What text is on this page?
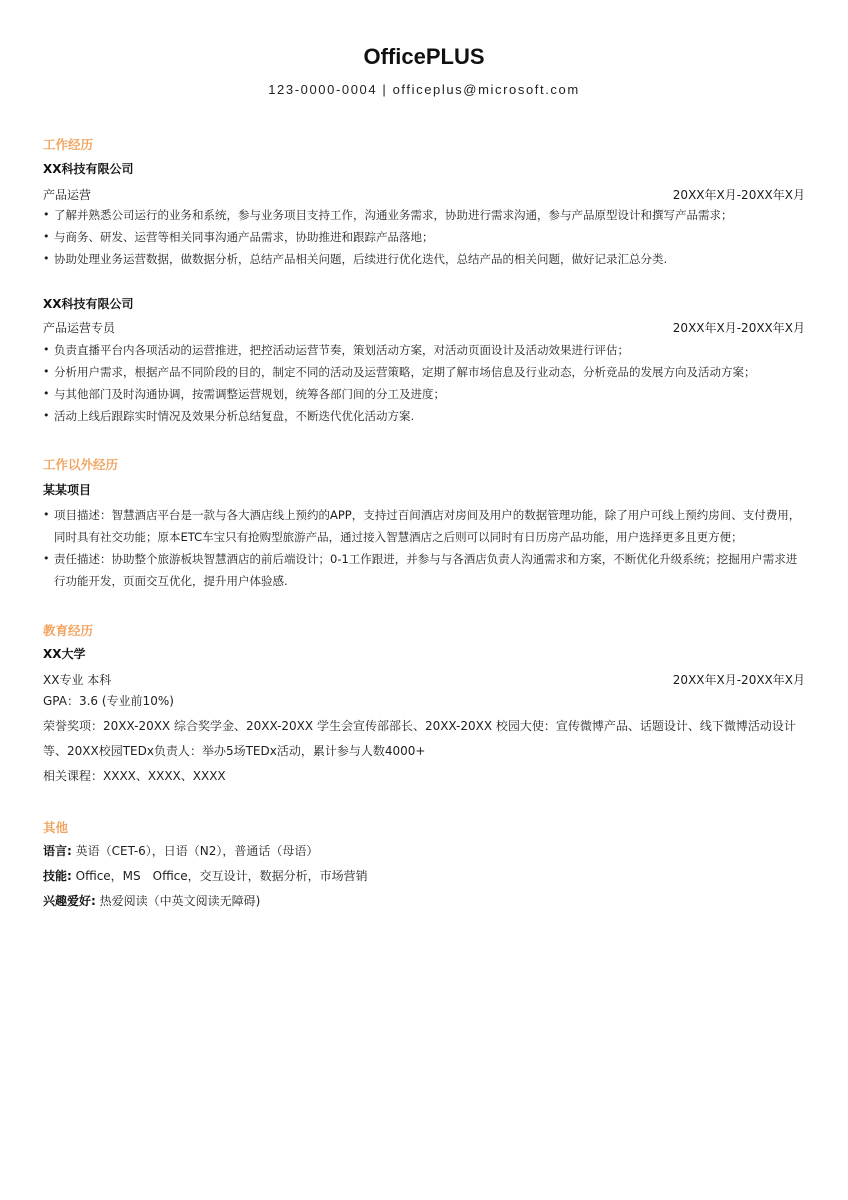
OfficePLUS
123-0000-0004 | officeplus@microsoft.com
工作经历
XX科技有限公司
产品运营	20XX年X月-20XX年X月
• 了解并熟悉公司运行的业务和系统，参与业务项目支持工作，沟通业务需求，协助进行需求沟通，参与产品原型设计和撰写产品需求；
• 与商务、研发、运营等相关同事沟通产品需求，协助推进和跟踪产品落地；
• 协助处理业务运营数据，做数据分析，总结产品相关问题，后续进行优化迭代，总结产品的相关问题，做好记录汇总分类.
XX科技有限公司
产品运营专员	20XX年X月-20XX年X月
• 负责直播平台内各项活动的运营推进，把控活动运营节奏，策划活动方案，对活动页面设计及活动效果进行评估；
• 分析用户需求，根据产品不同阶段的目的，制定不同的活动及运营策略，定期了解市场信息及行业动态，分析竞品的发展方向及活动方案；
• 与其他部门及时沟通协调，按需调整运营规划，统筹各部门间的分工及进度；
• 活动上线后跟踪实时情况及效果分析总结复盘，不断迭代优化活动方案.
工作以外经历
某某项目
• 项目描述：智慧酒店平台是一款与各大酒店线上预约的APP，支持过百间酒店对房间及用户的数据管理功能，除了用户可线上预约房间、支付费用，同时具有社交功能；原本ETC车宝只有抢购型旅游产品，通过接入智慧酒店之后则可以同时有日历房产品功能，用户选择更多且更方便；
• 责任描述：协助整个旅游板块智慧酒店的前后端设计；0-1工作跟进，并参与与各酒店负责人沟通需求和方案，不断优化升级系统；挖掘用户需求进行功能开发，页面交互优化，提升用户体验感.
教育经历
XX大学
XX专业 本科	20XX年X月-20XX年X月

GPA：3.6 (专业前10%)

荣誉奖项：20XX-20XX 综合奖学金、20XX-20XX 学生会宣传部部长、20XX-20XX 校园大使：宣传微博产品、话题设计、线下微博活动设计等、20XX校园TEDx负责人：举办5场TEDx活动，累计参与人数4000+

相关课程：XXXX、XXXX、XXXX

其他

语言: 英语（CET-6），日语（N2），普通话（母语）

技能: Office，MS　Office，交互设计，数据分析，市场营销

兴趣爱好: 热爱阅读（中英文阅读无障碍)
